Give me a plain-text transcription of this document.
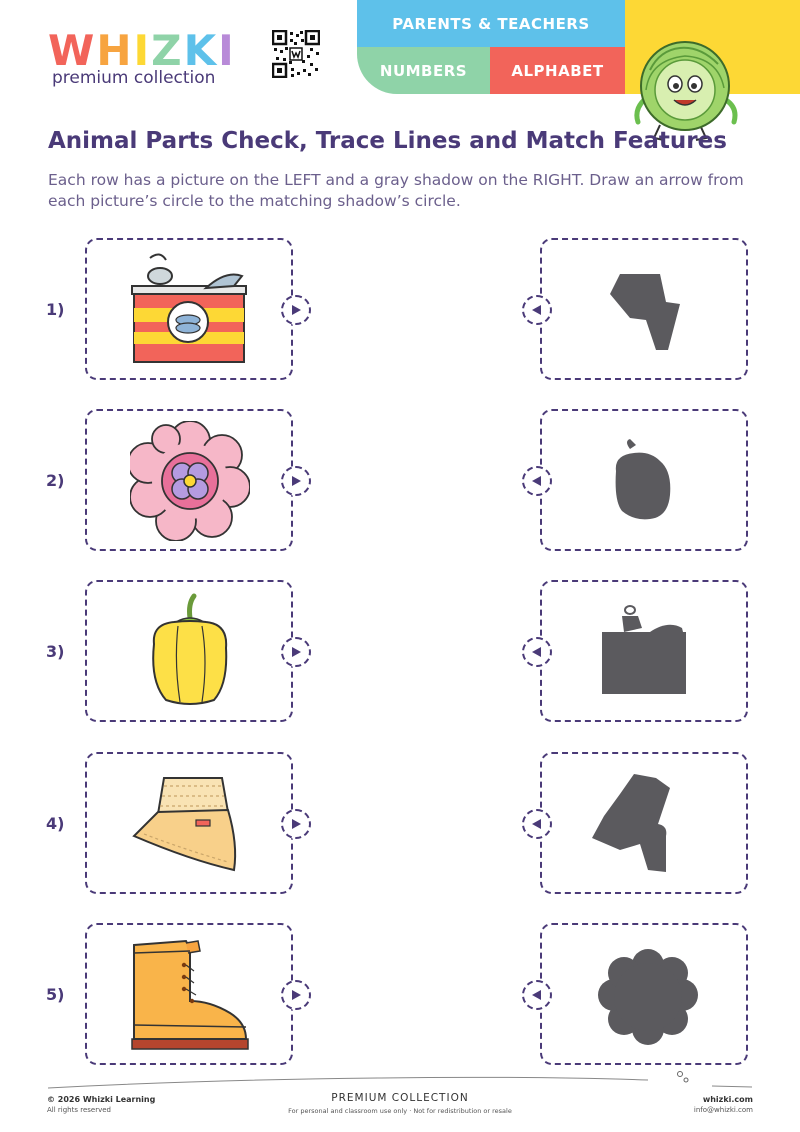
WHIZKI
premium collection
PARENTS & TEACHERS
NUMBERS	ALPHABET
Animal Parts Check, Trace Lines and Match Features

Each row has a picture on the LEFT and a gray shadow on the RIGHT. Draw an arrow from each picture’s circle to the matching shadow’s circle.

1)
2)
3)
4)
5)
© 2026 Whizki Learning
All rights reserved
PREMIUM COLLECTION
For personal and classroom use only · Not for redistribution or resale
whizki.com
info@whizki.com
